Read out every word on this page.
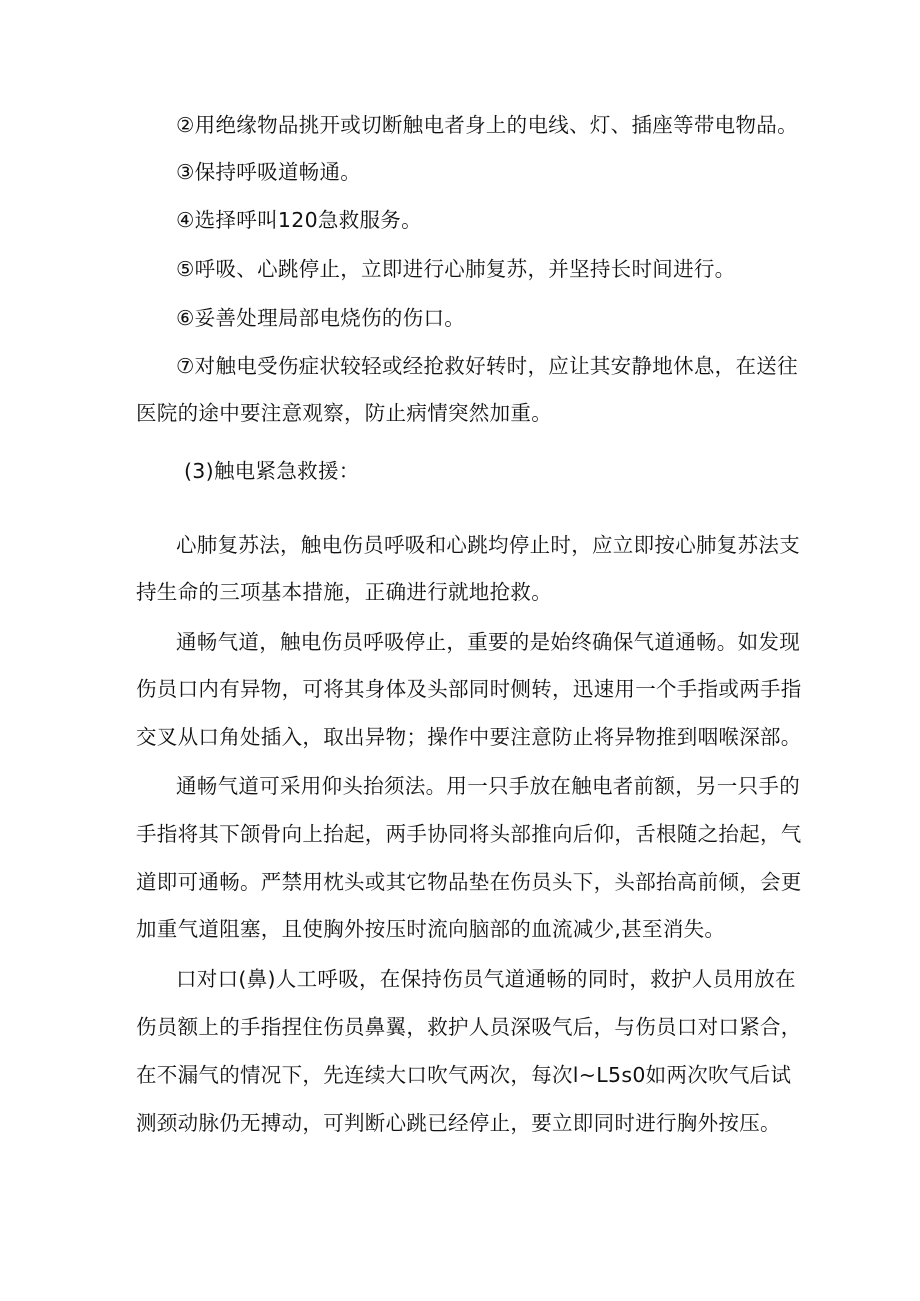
②用绝缘物品挑开或切断触电者身上的电线、灯、插座等带电物品。
③保持呼吸道畅通。
④选择呼叫120急救服务。
⑤呼吸、心跳停止，立即进行心肺复苏，并坚持长时间进行。
⑥妥善处理局部电烧伤的伤口。
⑦对触电受伤症状较轻或经抢救好转时，应让其安静地休息，在送往
医院的途中要注意观察，防止病情突然加重。
(3)触电紧急救援：
心肺复苏法，触电伤员呼吸和心跳均停止时，应立即按心肺复苏法支
持生命的三项基本措施，正确进行就地抢救。
通畅气道，触电伤员呼吸停止，重要的是始终确保气道通畅。如发现
伤员口内有异物，可将其身体及头部同时侧转，迅速用一个手指或两手指
交叉从口角处插入，取出异物；操作中要注意防止将异物推到咽喉深部。
通畅气道可采用仰头抬须法。用一只手放在触电者前额，另一只手的
手指将其下颌骨向上抬起，两手协同将头部推向后仰，舌根随之抬起，气
道即可通畅。严禁用枕头或其它物品垫在伤员头下，头部抬高前倾，会更
加重气道阻塞，且使胸外按压时流向脑部的血流减少,甚至消失。
口对口(鼻)人工呼吸，在保持伤员气道通畅的同时，救护人员用放在
伤员额上的手指捏住伤员鼻翼，救护人员深吸气后，与伤员口对口紧合，
在不漏气的情况下，先连续大口吹气两次，每次l~L5s0如两次吹气后试
测颈动脉仍无搏动，可判断心跳已经停止，要立即同时进行胸外按压。
